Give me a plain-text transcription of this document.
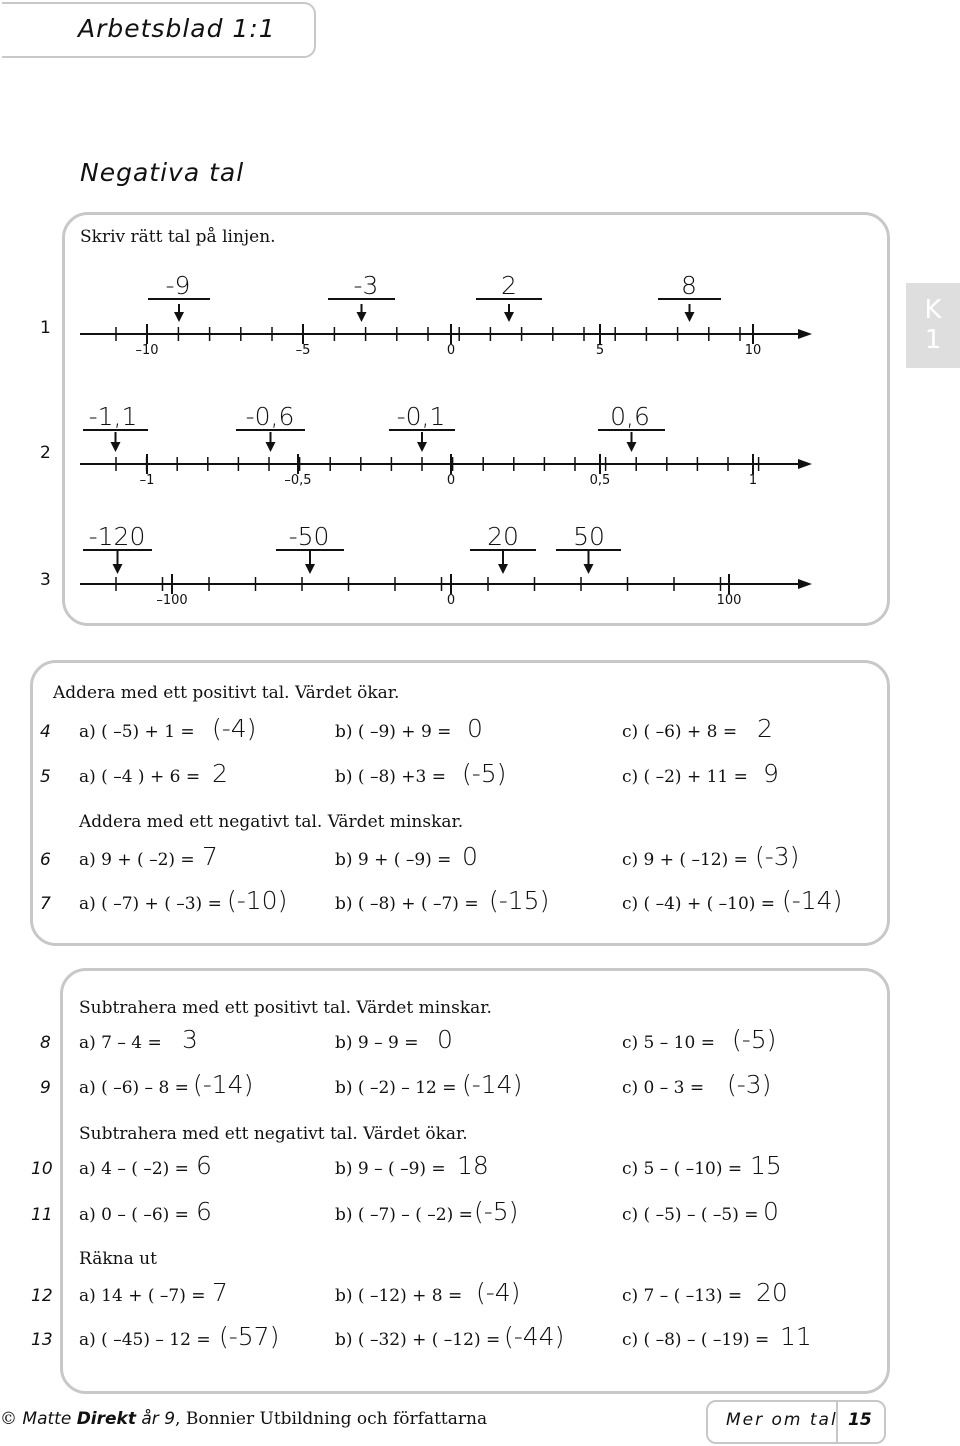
Arbetsblad 1:1
Negativa tal
Skriv rätt tal på linjen.
K
1
1
–10	–5	0	5	10
-9	-3	2	8
2
–1	–0,5	0	0,5	1
-1,1	-0,6	-0,1	0,6
3
–100	0	100
-120	-50	20	50
4 a) ( –5) + 1 = (-4)	b) ( –9) + 9 = 0	c) ( –6) + 8 = 2
5 a) ( –4 ) + 6 = 2	b) ( –8) +3 = (-5)	c) ( –2) + 11 = 9
6 a) 9 + ( –2) = 7	b) 9 + ( –9) = 0	c) 9 + ( –12) = (-3)
7 a) ( –7) + ( –3) = (-10)	b) ( –8) + ( –7) = (-15)	c) ( –4) + ( –10) = (-14)
8 a) 7 – 4 = 3	b) 9 – 9 = 0	c) 5 – 10 = (-5)
9 a) ( –6) – 8 = (-14)	b) ( –2) – 12 = (-14)	c) 0 – 3 = (-3)
10 a) 4 – ( –2) = 6	b) 9 – ( –9) = 18	c) 5 – ( –10) = 15
11 a) 0 – ( –6) = 6	b) ( –7) – ( –2) = (-5)	c) ( –5) – ( –5) = 0
12 a) 14 + ( –7) = 7	b) ( –12) + 8 = (-4)	c) 7 – ( –13) = 20
13 a) ( –45) – 12 = (-57)	b) ( –32) + ( –12) = (-44)	c) ( –8) – ( –19) = 11
Addera med ett positivt tal. Värdet ökar.
Addera med ett negativt tal. Värdet minskar.
Subtrahera med ett positivt tal. Värdet minskar.
Subtrahera med ett negativt tal. Värdet ökar.
Räkna ut
© Matte Direkt år 9, Bonnier Utbildning och författarna	Mer om tal 15
